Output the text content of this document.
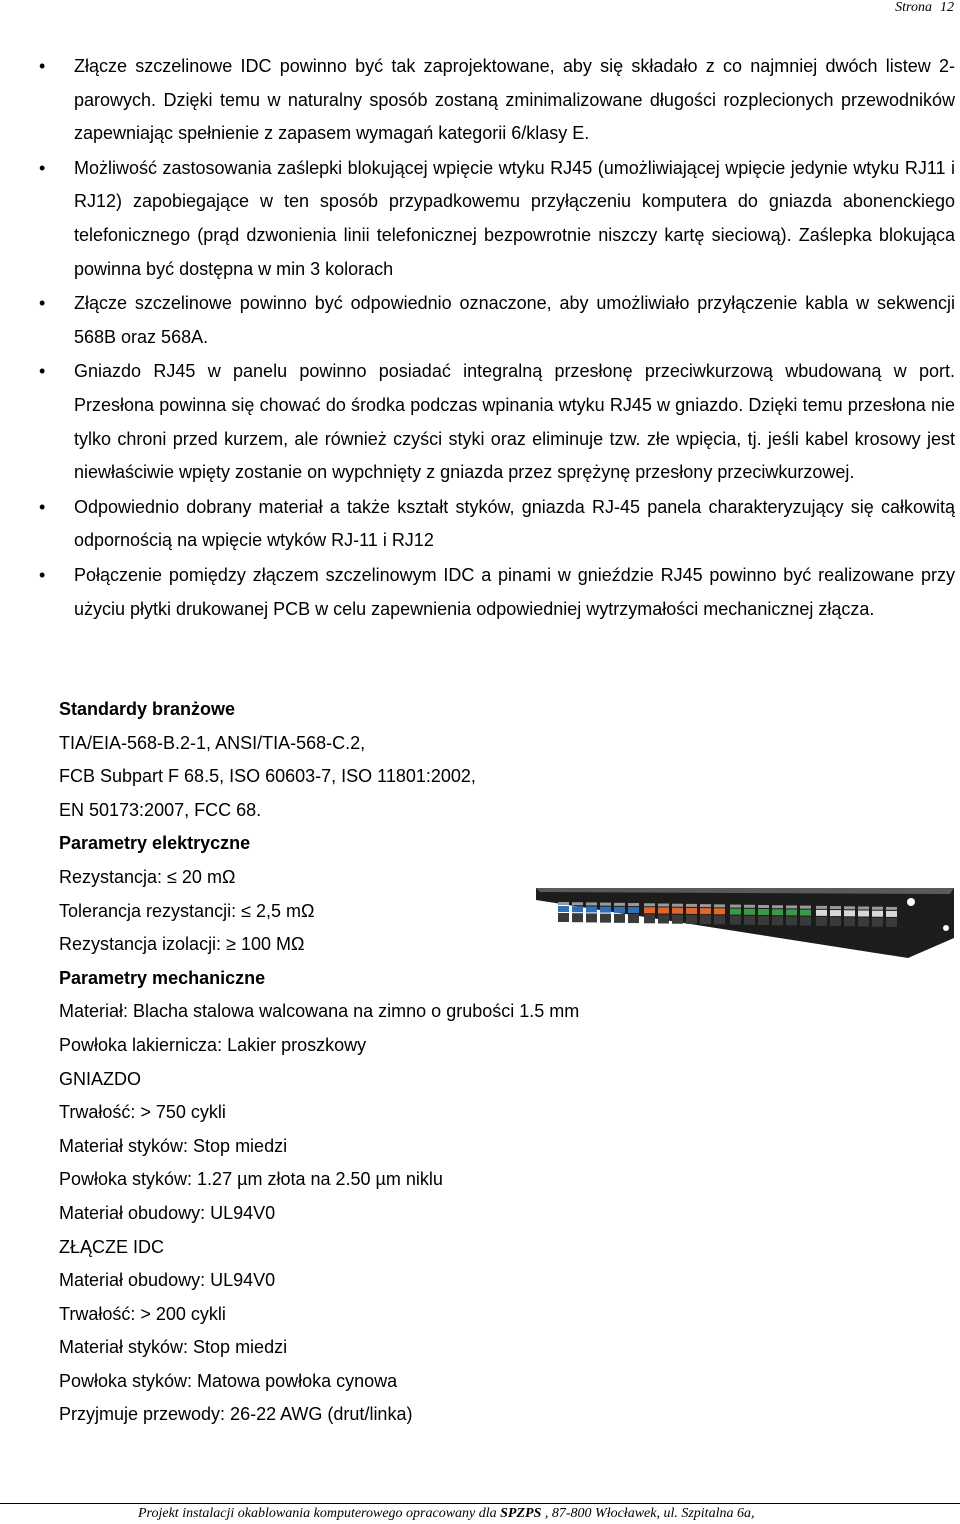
Strona 12
• Złącze szczelinowe IDC powinno być tak zaprojektowane, aby się składało z co najmniej dwóch listew 2-parowych. Dzięki temu w naturalny sposób zostaną zminimalizowane długości rozplecionych przewodników zapewniając spełnienie z zapasem wymagań kategorii 6/klasy E.
• Możliwość zastosowania zaślepki blokującej wpięcie wtyku RJ45 (umożliwiającej wpięcie jedynie wtyku RJ11 i RJ12) zapobiegające w ten sposób przypadkowemu przyłączeniu komputera do gniazda abonenckiego telefonicznego (prąd dzwonienia linii telefonicznej bezpowrotnie niszczy kartę sieciową). Zaślepka blokująca powinna być dostępna w min 3 kolorach
• Złącze szczelinowe powinno być odpowiednio oznaczone, aby umożliwiało przyłączenie kabla w sekwencji 568B oraz 568A.
• Gniazdo RJ45 w panelu powinno posiadać integralną przesłonę przeciwkurzową wbudowaną w port. Przesłona powinna się chować do środka podczas wpinania wtyku RJ45 w gniazdo. Dzięki temu przesłona nie tylko chroni przed kurzem, ale również czyści styki oraz eliminuje tzw. złe wpięcia, tj. jeśli kabel krosowy jest niewłaściwie wpięty zostanie on wypchnięty z gniazda przez sprężynę przesłony przeciwkurzowej.
• Odpowiednio dobrany materiał a także kształt styków, gniazda RJ-45 panela charakteryzujący się całkowitą odpornością na wpięcie wtyków RJ-11 i RJ12
• Połączenie pomiędzy złączem szczelinowym IDC a pinami w gnieździe RJ45 powinno być realizowane przy użyciu płytki drukowanej PCB w celu zapewnienia odpowiedniej wytrzymałości mechanicznej złącza.

Standardy branżowe

TIA/EIA-568-B.2-1, ANSI/TIA-568-C.2,

FCB Subpart F 68.5, ISO 60603-7, ISO 11801:2002,

EN 50173:2007, FCC 68.

Parametry elektryczne

Rezystancja: ≤ 20 mΩ

Tolerancja rezystancji: ≤ 2,5 mΩ

Rezystancja izolacji: ≥ 100 MΩ

Parametry mechaniczne

Materiał: Blacha stalowa walcowana na zimno o grubości 1.5 mm

Powłoka lakiernicza: Lakier proszkowy

GNIAZDO

Trwałość: > 750 cykli

Materiał styków: Stop miedzi

Powłoka styków: 1.27 µm złota na 2.50 µm niklu

Materiał obudowy: UL94V0

ZŁĄCZE IDC

Materiał obudowy: UL94V0

Trwałość: > 200 cykli

Materiał styków: Stop miedzi

Powłoka styków: Matowa powłoka cynowa

Przyjmuje przewody: 26-22 AWG (drut/linka)

Projekt instalacji okablowania komputerowego opracowany dla SPZPS , 87-800 Włocławek, ul. Szpitalna 6a,
